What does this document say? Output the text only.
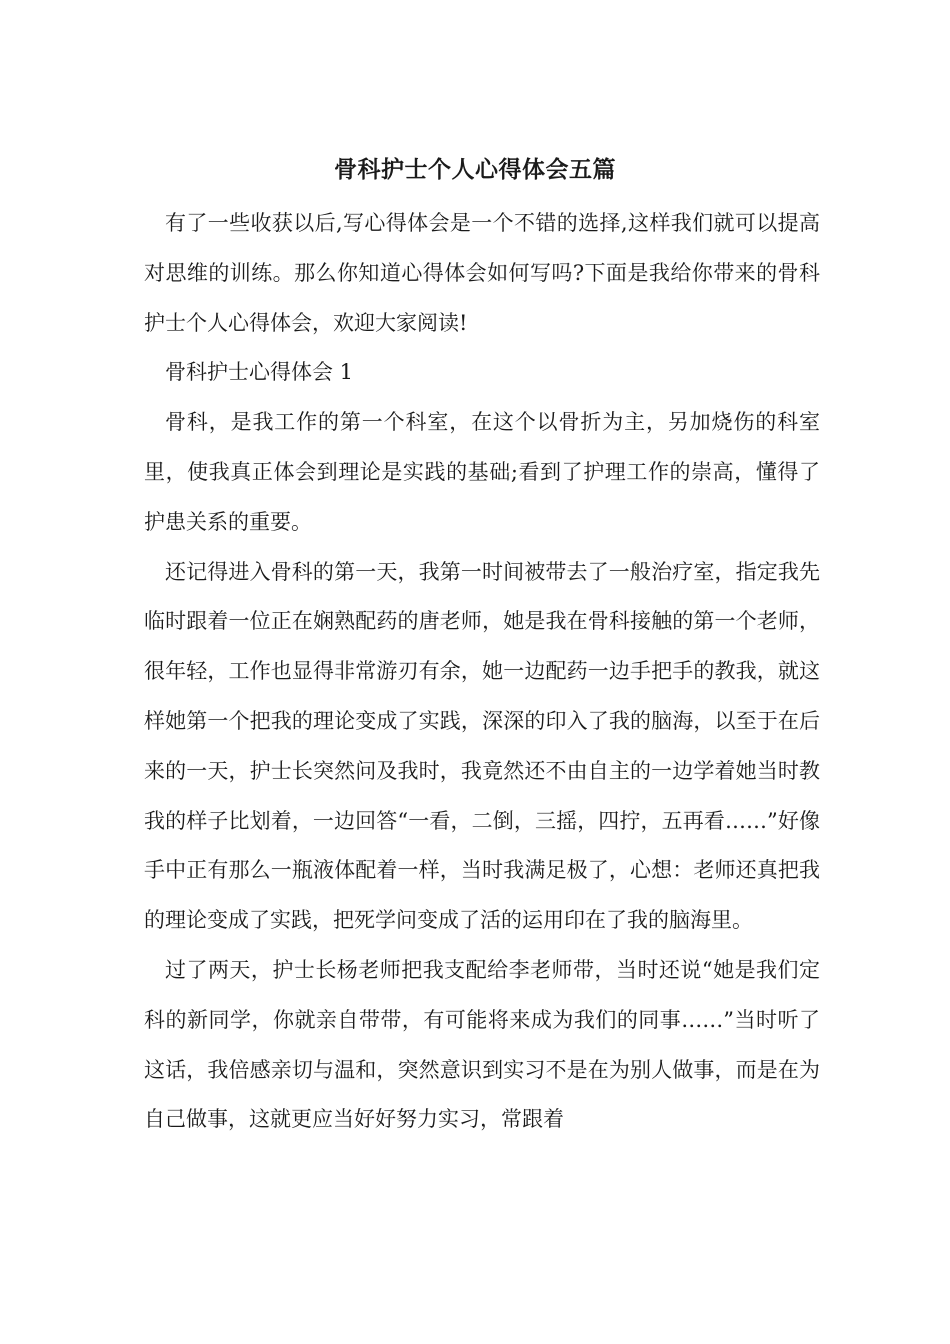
骨科护士个人心得体会五篇

有了一些收获以后,写心得体会是一个不错的选择,这样我们就可以提高对思维的训练。那么你知道心得体会如何写吗?下面是我给你带来的骨科护士个人心得体会，欢迎大家阅读!

骨科护士心得体会 1

骨科，是我工作的第一个科室，在这个以骨折为主，另加烧伤的科室里，使我真正体会到理论是实践的基础;看到了护理工作的崇高，懂得了护患关系的重要。

还记得进入骨科的第一天，我第一时间被带去了一般治疗室，指定我先临时跟着一位正在娴熟配药的唐老师，她是我在骨科接触的第一个老师，很年轻，工作也显得非常游刃有余，她一边配药一边手把手的教我，就这样她第一个把我的理论变成了实践，深深的印入了我的脑海，以至于在后来的一天，护士长突然问及我时，我竟然还不由自主的一边学着她当时教我的样子比划着，一边回答“一看，二倒，三摇，四拧，五再看……”好像手中正有那么一瓶液体配着一样，当时我满足极了，心想：老师还真把我的理论变成了实践，把死学问变成了活的运用印在了我的脑海里。

过了两天，护士长杨老师把我支配给李老师带，当时还说“她是我们定科的新同学，你就亲自带带，有可能将来成为我们的同事……”当时听了这话，我倍感亲切与温和，突然意识到实习不是在为别人做事，而是在为自己做事，这就更应当好好努力实习，常跟着
